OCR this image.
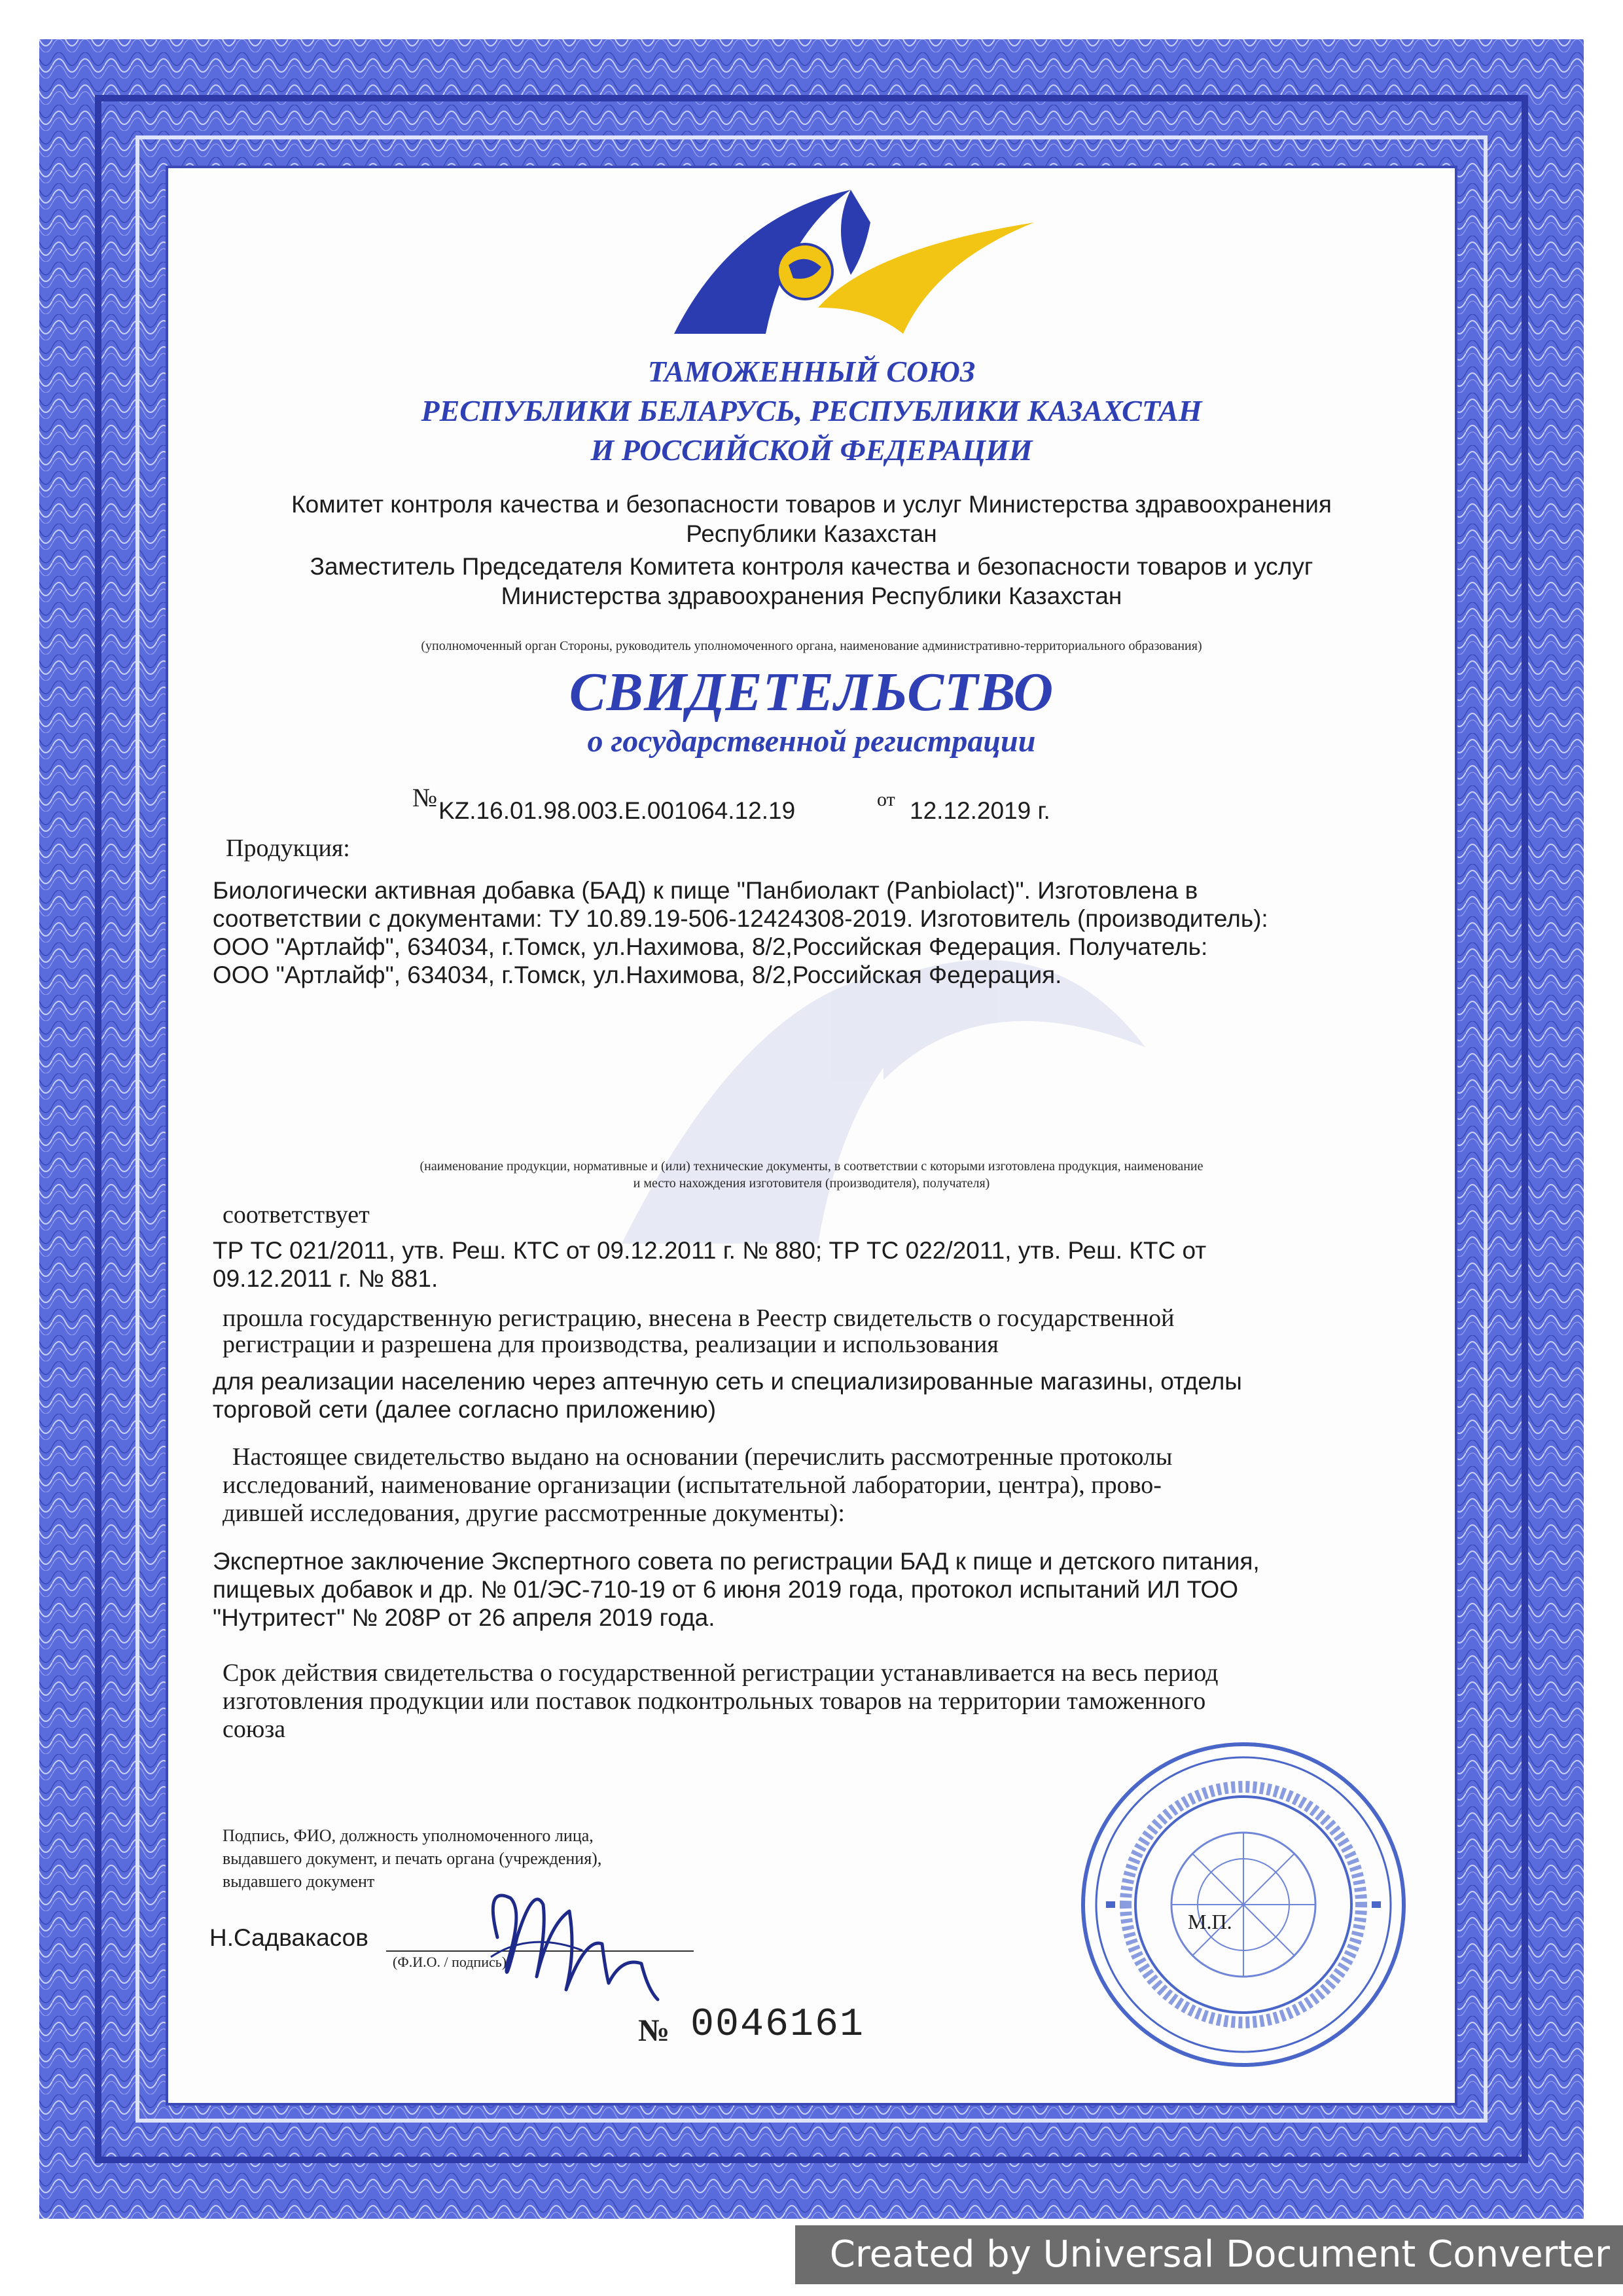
ТАМОЖЕННЫЙ СОЮЗ
РЕСПУБЛИКИ БЕЛАРУСЬ, РЕСПУБЛИКИ КАЗАХСТАН
И РОССИЙСКОЙ ФЕДЕРАЦИИ
Комитет контроля качества и безопасности товаров и услуг Министерства здравоохранения
Республики Казахстан
Заместитель Председателя Комитета контроля качества и безопасности товаров и услуг
Министерства здравоохранения Республики Казахстан
(уполномоченный орган Стороны, руководитель уполномоченного органа, наименование административно-территориального образования)
СВИДЕТЕЛЬСТВО
о государственной регистрации
№ KZ.16.01.98.003.E.001064.12.19	от 12.12.2019 г.
Продукция:
Биологически активная добавка (БАД) к пище "Панбиолакт (Panbiolact)". Изготовлена в
соответствии с документами: ТУ 10.89.19-506-12424308-2019. Изготовитель (производитель):
ООО "Артлайф", 634034, г.Томск, ул.Нахимова, 8/2,Российская Федерация. Получатель:
ООО "Артлайф", 634034, г.Томск, ул.Нахимова, 8/2,Российская Федерация.
(наименование продукции, нормативные и (или) технические документы, в соответствии с которыми изготовлена продукция, наименование
и место нахождения изготовителя (производителя), получателя)
соответствует
ТР ТС 021/2011, утв. Реш. КТС от 09.12.2011 г. № 880; ТР ТС 022/2011, утв. Реш. КТС от
09.12.2011 г. № 881.
прошла государственную регистрацию, внесена в Реестр свидетельств о государственной
регистрации и разрешена для производства, реализации и использования
для реализации населению через аптечную сеть и специализированные магазины, отделы
торговой сети (далее согласно приложению)
Настоящее свидетельство выдано на основании (перечислить рассмотренные протоколы
исследований, наименование организации (испытательной лаборатории, центра), прово-
дившей исследования, другие рассмотренные документы):
Экспертное заключение Экспертного совета по регистрации БАД к пище и детского питания,
пищевых добавок и др. № 01/ЭС-710-19 от 6 июня 2019 года, протокол испытаний ИЛ ТОО
"Нутритест" № 208Р от 26 апреля 2019 года.
Срок действия свидетельства о государственной регистрации устанавливается на весь период
изготовления продукции или поставок подконтрольных товаров на территории таможенного
союза
Подпись, ФИО, должность уполномоченного лица,
выдавшего документ, и печать органа (учреждения),
выдавшего документ
Н.Садвакасов
(Ф.И.О. / подпись)
М.П.
№ 0046161
Created by Universal Document Converter
